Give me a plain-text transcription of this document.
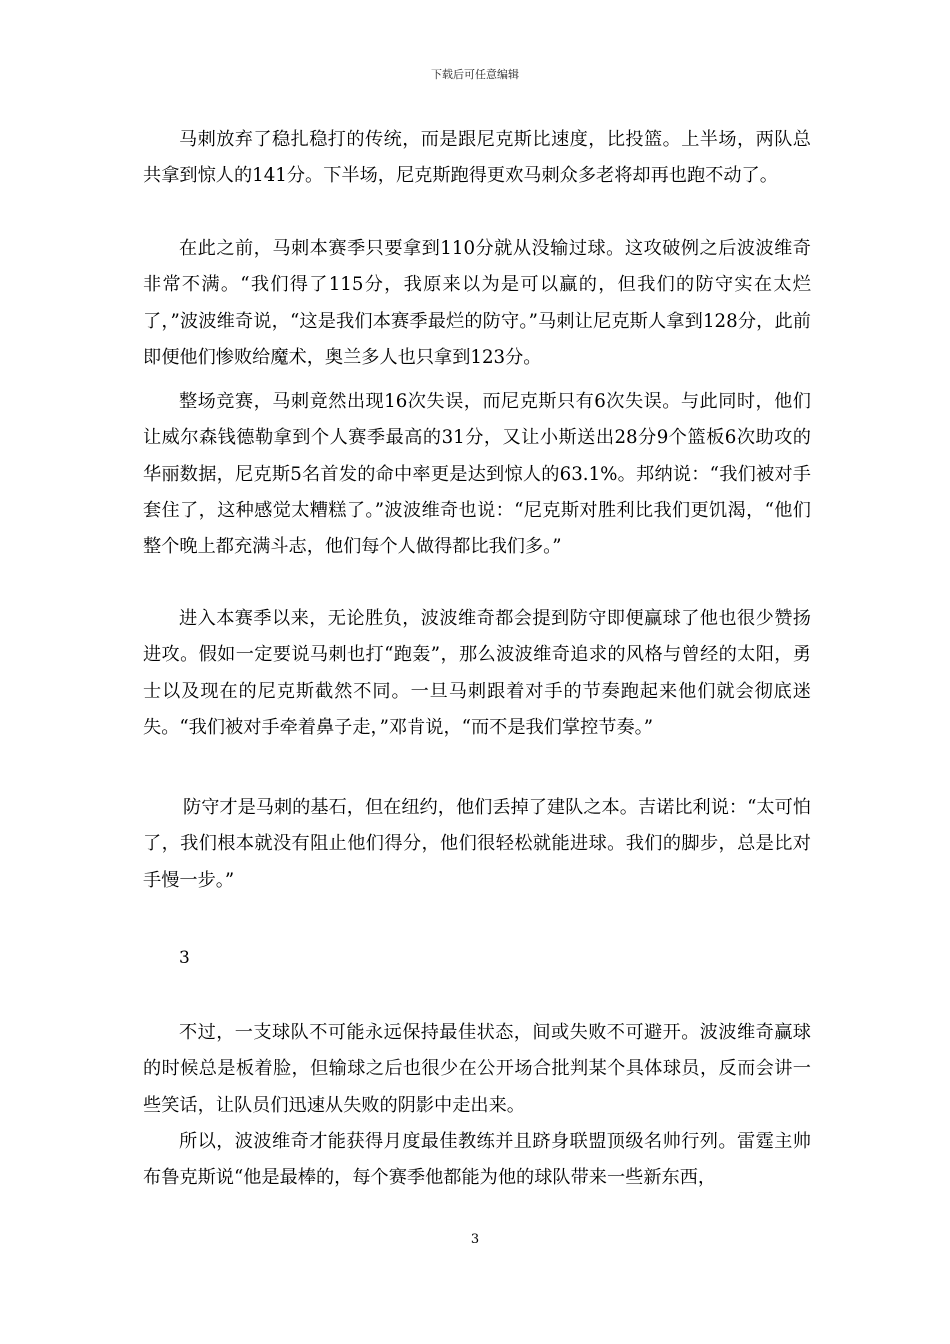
下载后可任意编辑

马刺放弃了稳扎稳打的传统，而是跟尼克斯比速度，比投篮。上半场，两队总共拿到惊人的141分。下半场，尼克斯跑得更欢马刺众多老将却再也跑不动了。

在此之前，马刺本赛季只要拿到110分就从没输过球。这攻破例之后波波维奇非常不满。“我们得了115分，我原来以为是可以赢的，但我们的防守实在太烂了，”波波维奇说，“这是我们本赛季最烂的防守。”马刺让尼克斯人拿到128分，此前即便他们惨败给魔术，奥兰多人也只拿到123分。

整场竞赛，马刺竟然出现16次失误，而尼克斯只有6次失误。与此同时，他们让威尔森钱德勒拿到个人赛季最高的31分，又让小斯送出28分9个篮板6次助攻的华丽数据，尼克斯5名首发的命中率更是达到惊人的63.1%。邦纳说：“我们被对手套住了，这种感觉太糟糕了。”波波维奇也说：“尼克斯对胜利比我们更饥渴，“他们整个晚上都充满斗志，他们每个人做得都比我们多。”

进入本赛季以来，无论胜负，波波维奇都会提到防守即便赢球了他也很少赞扬进攻。假如一定要说马刺也打“跑轰”，那么波波维奇追求的风格与曾经的太阳，勇士以及现在的尼克斯截然不同。一旦马刺跟着对手的节奏跑起来他们就会彻底迷失。“我们被对手牵着鼻子走，”邓肯说，“而不是我们掌控节奏。”

防守才是马刺的基石，但在纽约，他们丢掉了建队之本。吉诺比利说：“太可怕了，我们根本就没有阻止他们得分，他们很轻松就能进球。我们的脚步，总是比对手慢一步。”

3

不过，一支球队不可能永远保持最佳状态，间或失败不可避开。波波维奇赢球的时候总是板着脸，但输球之后也很少在公开场合批判某个具体球员，反而会讲一些笑话，让队员们迅速从失败的阴影中走出来。

所以，波波维奇才能获得月度最佳教练并且跻身联盟顶级名帅行列。雷霆主帅布鲁克斯说“他是最棒的，每个赛季他都能为他的球队带来一些新东西，

3
